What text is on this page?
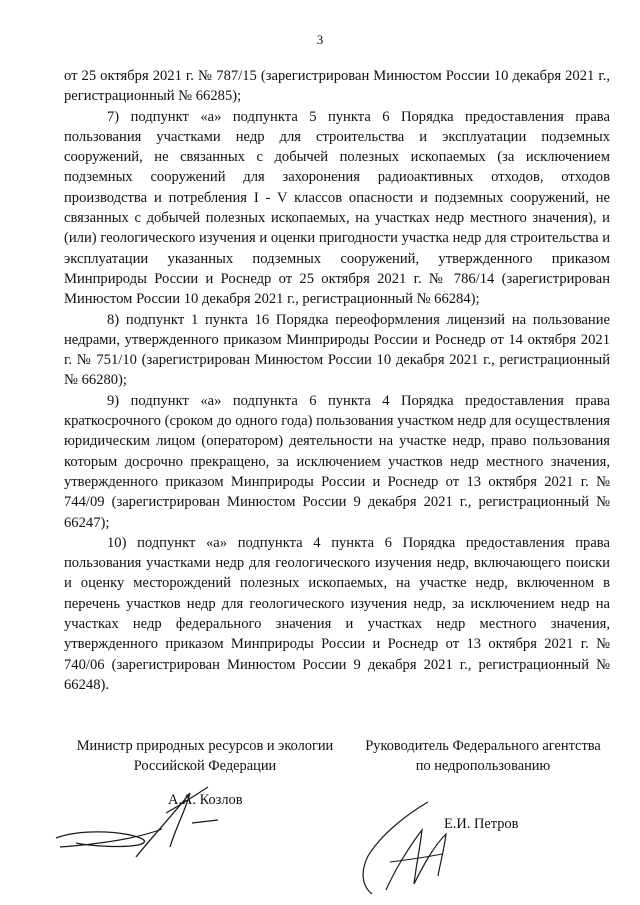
3

от 25 октября 2021 г. № 787/15 (зарегистрирован Минюстом России 10 декабря 2021 г., регистрационный № 66285);

7) подпункт «а» подпункта 5 пункта 6 Порядка предоставления права пользования участками недр для строительства и эксплуатации подземных сооружений, не связанных с добычей полезных ископаемых (за исключением подземных сооружений для захоронения радиоактивных отходов, отходов производства и потребления I - V классов опасности и подземных сооружений, не связанных с добычей полезных ископаемых, на участках недр местного значения), и (или) геологического изучения и оценки пригодности участка недр для строительства и эксплуатации указанных подземных сооружений, утвержденного приказом Минприроды России и Роснедр от 25 октября 2021 г. № 786/14 (зарегистрирован Минюстом России 10 декабря 2021 г., регистрационный № 66284);

8) подпункт 1 пункта 16 Порядка переоформления лицензий на пользование недрами, утвержденного приказом Минприроды России и Роснедр от 14 октября 2021 г. № 751/10 (зарегистрирован Минюстом России 10 декабря 2021 г., регистрационный № 66280);

9) подпункт «а» подпункта 6 пункта 4 Порядка предоставления права краткосрочного (сроком до одного года) пользования участком недр для осуществления юридическим лицом (оператором) деятельности на участке недр, право пользования которым досрочно прекращено, за исключением участков недр местного значения, утвержденного приказом Минприроды России и Роснедр от 13 октября 2021 г. № 744/09 (зарегистрирован Минюстом России 9 декабря 2021 г., регистрационный № 66247);

10) подпункт «а» подпункта 4 пункта 6 Порядка предоставления права пользования участками недр для геологического изучения недр, включающего поиски и оценку месторождений полезных ископаемых, на участке недр, включенном в перечень участков недр для геологического изучения недр, за исключением недр на участках недр федерального значения и участках недр местного значения, утвержденного приказом Минприроды России и Роснедр от 13 октября 2021 г. № 740/06 (зарегистрирован Минюстом России 9 декабря 2021 г., регистрационный № 66248).

Министр природных ресурсов и экологии
Российской Федерации
Руководитель Федерального агентства
по недропользованию
А.А. Козлов
Е.И. Петров
